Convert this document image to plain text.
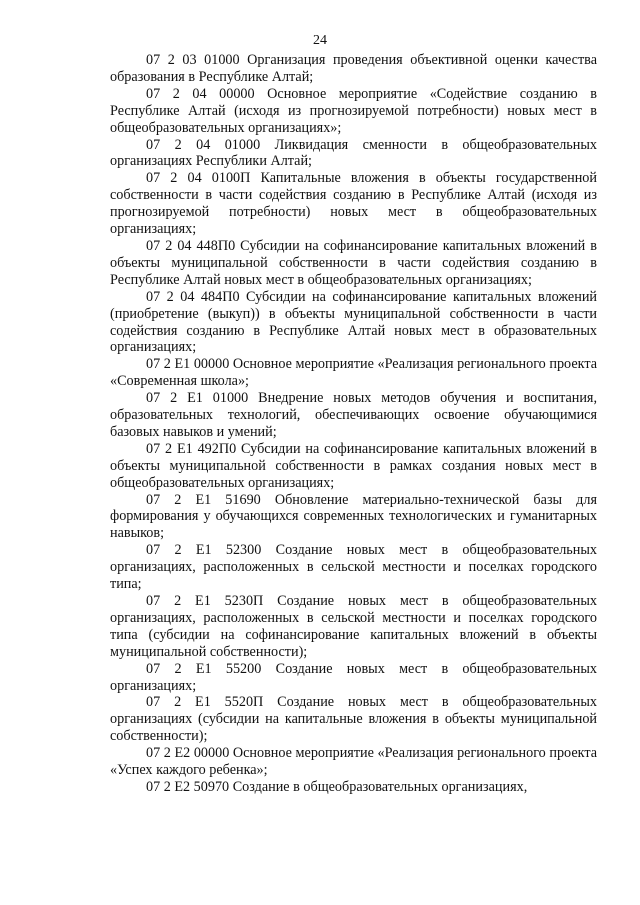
24

07 2 03 01000 Организация проведения объективной оценки качества образования в Республике Алтай;

07 2 04 00000 Основное мероприятие «Содействие созданию в Республике Алтай (исходя из прогнозируемой потребности) новых мест в общеобразовательных организациях»;

07 2 04 01000 Ликвидация сменности в общеобразовательных организациях Республики Алтай;

07 2 04 0100П Капитальные вложения в объекты государственной собственности в части содействия созданию в Республике Алтай (исходя из прогнозируемой потребности) новых мест в общеобразовательных организациях;

07 2 04 448П0 Субсидии на софинансирование капитальных вложений в объекты муниципальной собственности в части содействия созданию в Республике Алтай новых мест в общеобразовательных организациях;

07 2 04 484П0 Субсидии на софинансирование капитальных вложений (приобретение (выкуп)) в объекты муниципальной собственности в части содействия созданию в Республике Алтай новых мест в образовательных организациях;

07 2 E1 00000 Основное мероприятие «Реализация регионального проекта «Современная школа»;

07 2 E1 01000 Внедрение новых методов обучения и воспитания, образовательных технологий, обеспечивающих освоение обучающимися базовых навыков и умений;

07 2 E1 492П0 Субсидии на софинансирование капитальных вложений в объекты муниципальной собственности в рамках создания новых мест в общеобразовательных организациях;

07 2 E1 51690 Обновление материально-технической базы для формирования у обучающихся современных технологических и гуманитарных навыков;

07 2 E1 52300 Создание новых мест в общеобразовательных организациях, расположенных в сельской местности и поселках городского типа;

07 2 E1 5230П Создание новых мест в общеобразовательных организациях, расположенных в сельской местности и поселках городского типа (субсидии на софинансирование капитальных вложений в объекты муниципальной собственности);

07 2 E1 55200 Создание новых мест в общеобразовательных организациях;

07 2 E1 5520П Создание новых мест в общеобразовательных организациях (субсидии на капитальные вложения в объекты муниципальной собственности);

07 2 E2 00000 Основное мероприятие «Реализация регионального проекта «Успех каждого ребенка»;

07 2 E2 50970 Создание в общеобразовательных организациях,
